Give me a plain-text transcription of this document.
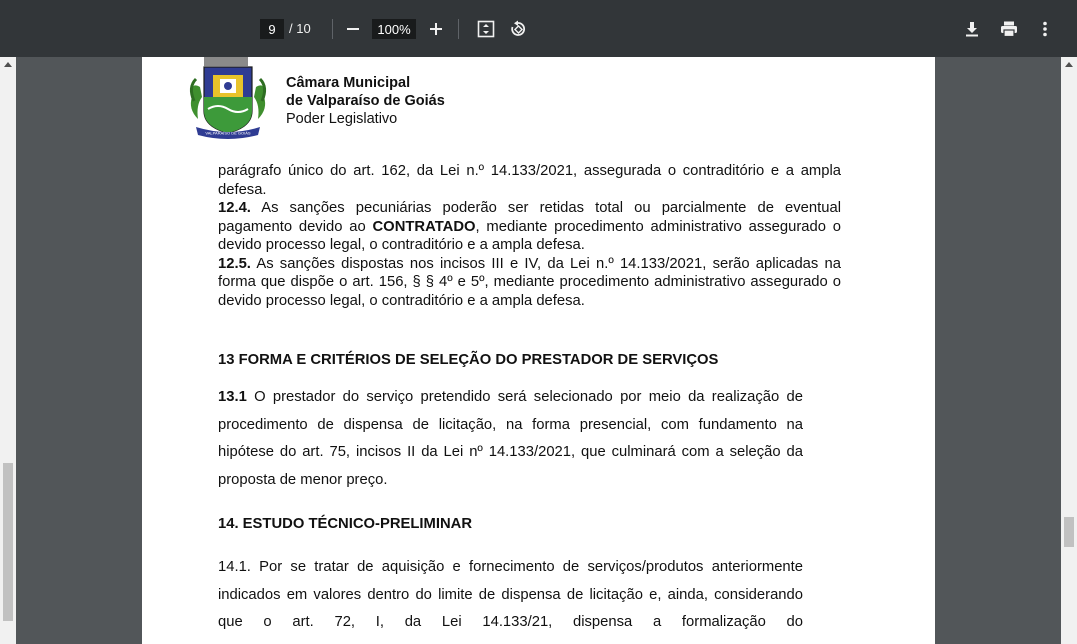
9	/ 10	100%
VALPARAÍSO DE GOIÁS
Câmara Municipal
de Valparaíso de Goiás
Poder Legislativo

parágrafo único do art. 162, da Lei n.º 14.133/2021, assegurada o contraditório e a ampla defesa.

12.4. As sanções pecuniárias poderão ser retidas total ou parcialmente de eventual pagamento devido ao CONTRATADO, mediante procedimento administrativo assegurado o devido processo legal, o contraditório e a ampla defesa.

12.5. As sanções dispostas nos incisos III e IV, da Lei n.º 14.133/2021, serão aplicadas na forma que dispõe o art. 156, § § 4º e 5º, mediante procedimento administrativo assegurado o devido processo legal, o contraditório e a ampla defesa.

13 FORMA E CRITÉRIOS DE SELEÇÃO DO PRESTADOR DE SERVIÇOS

13.1 O prestador do serviço pretendido será selecionado por meio da realização de procedimento de dispensa de licitação, na forma presencial, com fundamento na hipótese do art. 75, incisos II da Lei nº 14.133/2021, que culminará com a seleção da proposta de menor preço.

14. ESTUDO TÉCNICO-PRELIMINAR

14.1. Por se tratar de aquisição e fornecimento de serviços/produtos anteriormente indicados em valores dentro do limite de dispensa de licitação e, ainda, considerando que o art. 72, I, da Lei 14.133/21, dispensa a formalização do
